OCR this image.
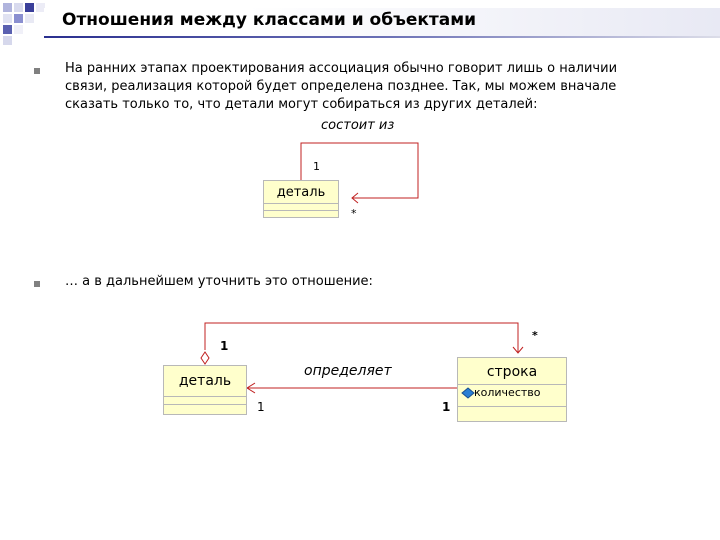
Отношения между классами и объектами
На ранних этапах проектирования ассоциация обычно говорит лишь о наличии
связи, реализация которой будет определена позднее. Так, мы можем вначале
сказать только то, что детали могут собираться из других деталей:
… а в дальнейшем уточнить это отношение:
состоит из
1
*
деталь
1
*
определяет
1	1
деталь
строка
количество
